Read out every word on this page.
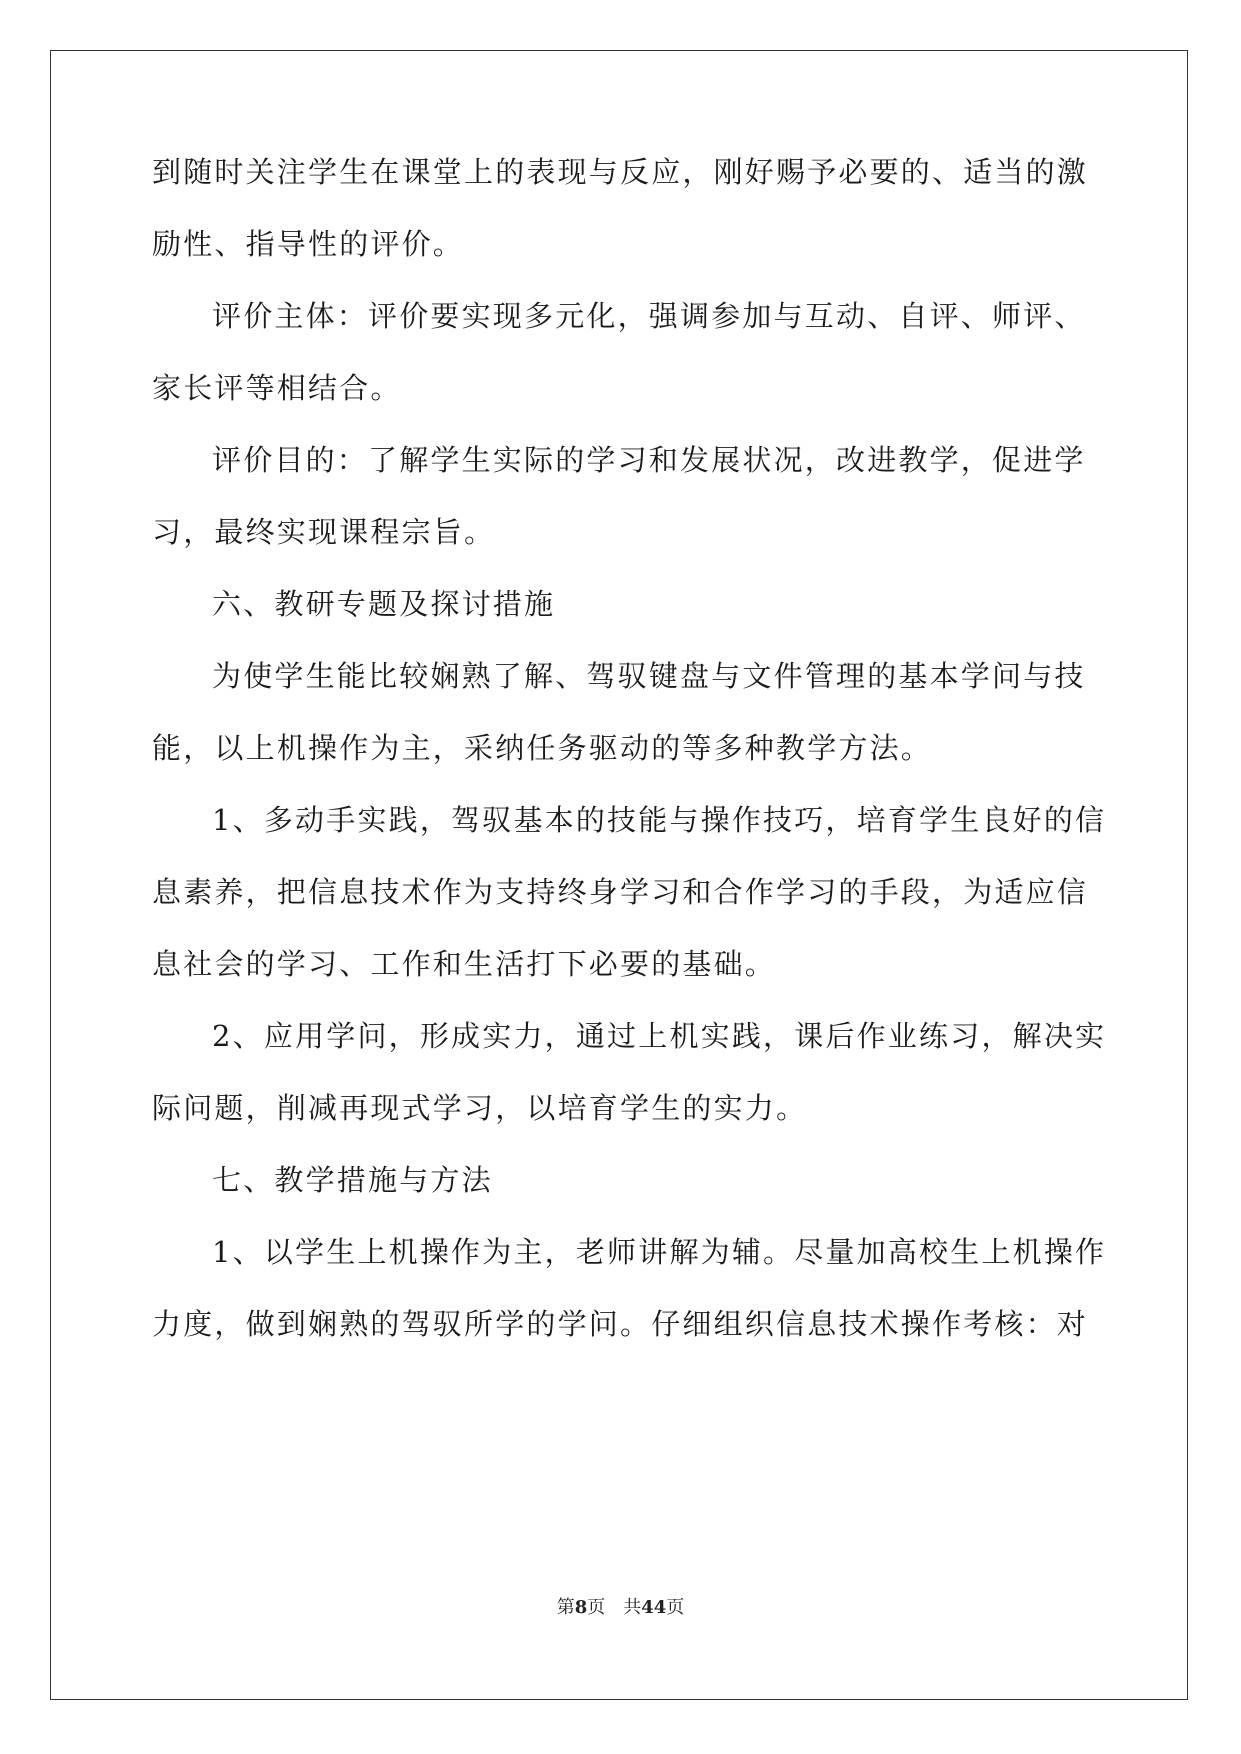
到随时关注学生在课堂上的表现与反应，刚好赐予必要的、适当的激
励性、指导性的评价。
评价主体：评价要实现多元化，强调参加与互动、自评、师评、
家长评等相结合。
评价目的：了解学生实际的学习和发展状况，改进教学，促进学
习，最终实现课程宗旨。
六、教研专题及探讨措施
为使学生能比较娴熟了解、驾驭键盘与文件管理的基本学问与技
能，以上机操作为主，采纳任务驱动的等多种教学方法。
1、多动手实践，驾驭基本的技能与操作技巧，培育学生良好的信
息素养，把信息技术作为支持终身学习和合作学习的手段，为适应信
息社会的学习、工作和生活打下必要的基础。
2、应用学问，形成实力，通过上机实践，课后作业练习，解决实
际问题，削减再现式学习，以培育学生的实力。
七、教学措施与方法
1、以学生上机操作为主，老师讲解为辅。尽量加高校生上机操作
力度，做到娴熟的驾驭所学的学问。仔细组织信息技术操作考核：对
第8页　共44页
